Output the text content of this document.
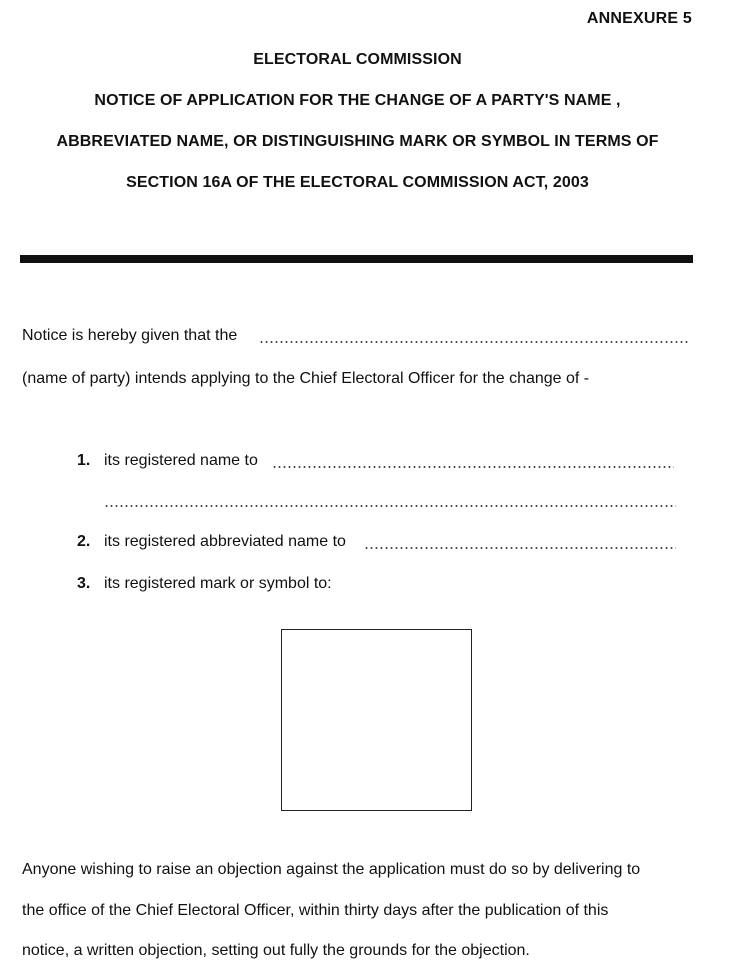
ANNEXURE 5
ELECTORAL COMMISSION
NOTICE OF APPLICATION FOR THE CHANGE OF A PARTY'S NAME ,
ABBREVIATED NAME, OR DISTINGUISHING MARK OR SYMBOL IN TERMS OF
SECTION 16A OF THE ELECTORAL COMMISSION ACT, 2003
Notice is hereby given that the
(name of party) intends applying to the Chief Electoral Officer for the change of -
1. its registered name to
2. its registered abbreviated name to
3. its registered mark or symbol to:
Anyone wishing to raise an objection against the application must do so by delivering to
the office of the Chief Electoral Officer, within thirty days after the publication of this
notice, a written objection, setting out fully the grounds for the objection.
